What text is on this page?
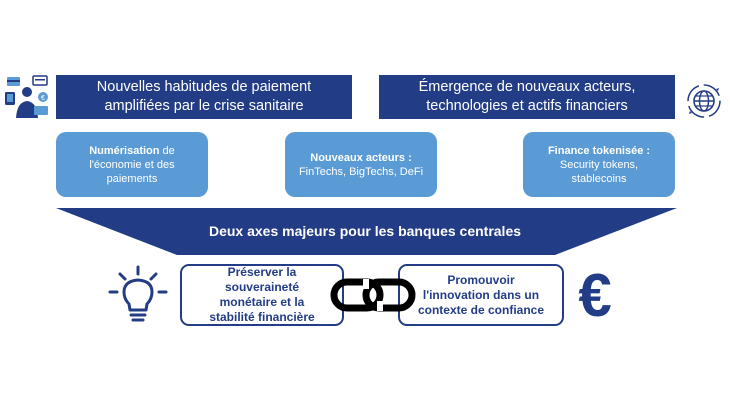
€
Nouvelles habitudes de paiement
amplifiées par le crise sanitaire
Émergence de nouveaux acteurs,
technologies et actifs financiers
Numérisation de l'économie et des paiements
Nouveaux acteurs : FinTechs, BigTechs, DeFi
Finance tokenisée : Security tokens, stablecoins
Deux axes majeurs pour les banques centrales
Préserver la
souveraineté
monétaire et la
stabilité financière
Promouvoir
l'innovation dans un
contexte de confiance €
